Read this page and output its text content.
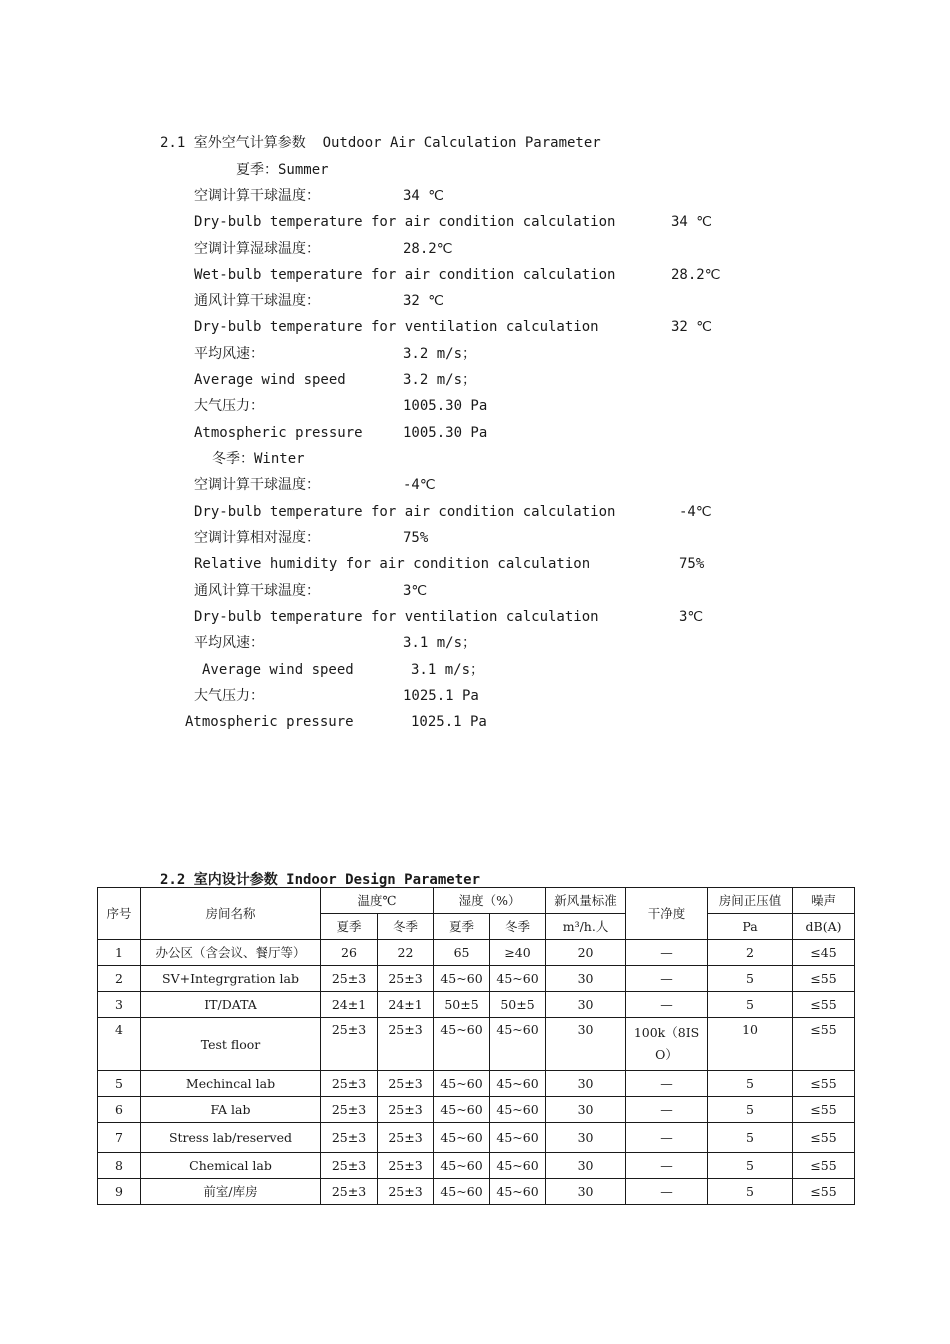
2.1 室外空气计算参数  Outdoor Air Calculation Parameter
夏季：Summer
空调计算干球温度：	34 ℃
Dry-bulb temperature for air condition calculation	34 ℃
空调计算湿球温度：	28.2℃
Wet-bulb temperature for air condition calculation	28.2℃
通风计算干球温度：	32 ℃
Dry-bulb temperature for ventilation calculation	32 ℃
平均风速：	3.2 m/s；
Average wind speed	3.2 m/s；
大气压力：	1005.30 Pa
Atmospheric pressure	1005.30 Pa
冬季：Winter
空调计算干球温度：	-4℃
Dry-bulb temperature for air condition calculation	-4℃
空调计算相对湿度：	75%
Relative humidity for air condition calculation	75%
通风计算干球温度：	3℃
Dry-bulb temperature for ventilation calculation	3℃
平均风速：	3.1 m/s；
Average wind speed	3.1 m/s；
大气压力：	1025.1 Pa
Atmospheric pressure	1025.1 Pa
2.2 室内设计参数 Indoor Design Parameter
序号	房间名称	温度℃		湿度（%）		新风量标准	干净度	房间正压值	噪声
		夏季	冬季	夏季	冬季	m³/h.人		Pa	dB(A)
1	办公区（含会议、餐厅等）	26	22	65	≥40	20	—	2	≤45
2	SV+Integrgration lab	25±3	25±3	45~60	45~60	30	—	5	≤55
3	IT/DATA	24±1	24±1	50±5	50±5	30	—	5	≤55
4	Test floor	25±3	25±3	45~60	45~60	30	100k（8ISO）	10	≤55
5	Mechincal lab	25±3	25±3	45~60	45~60	30	—	5	≤55
6	FA lab	25±3	25±3	45~60	45~60	30	—	5	≤55
7	Stress lab/reserved	25±3	25±3	45~60	45~60	30	—	5	≤55
8	Chemical lab	25±3	25±3	45~60	45~60	30	—	5	≤55
9	前室/库房	25±3	25±3	45~60	45~60	30	—	5	≤55
